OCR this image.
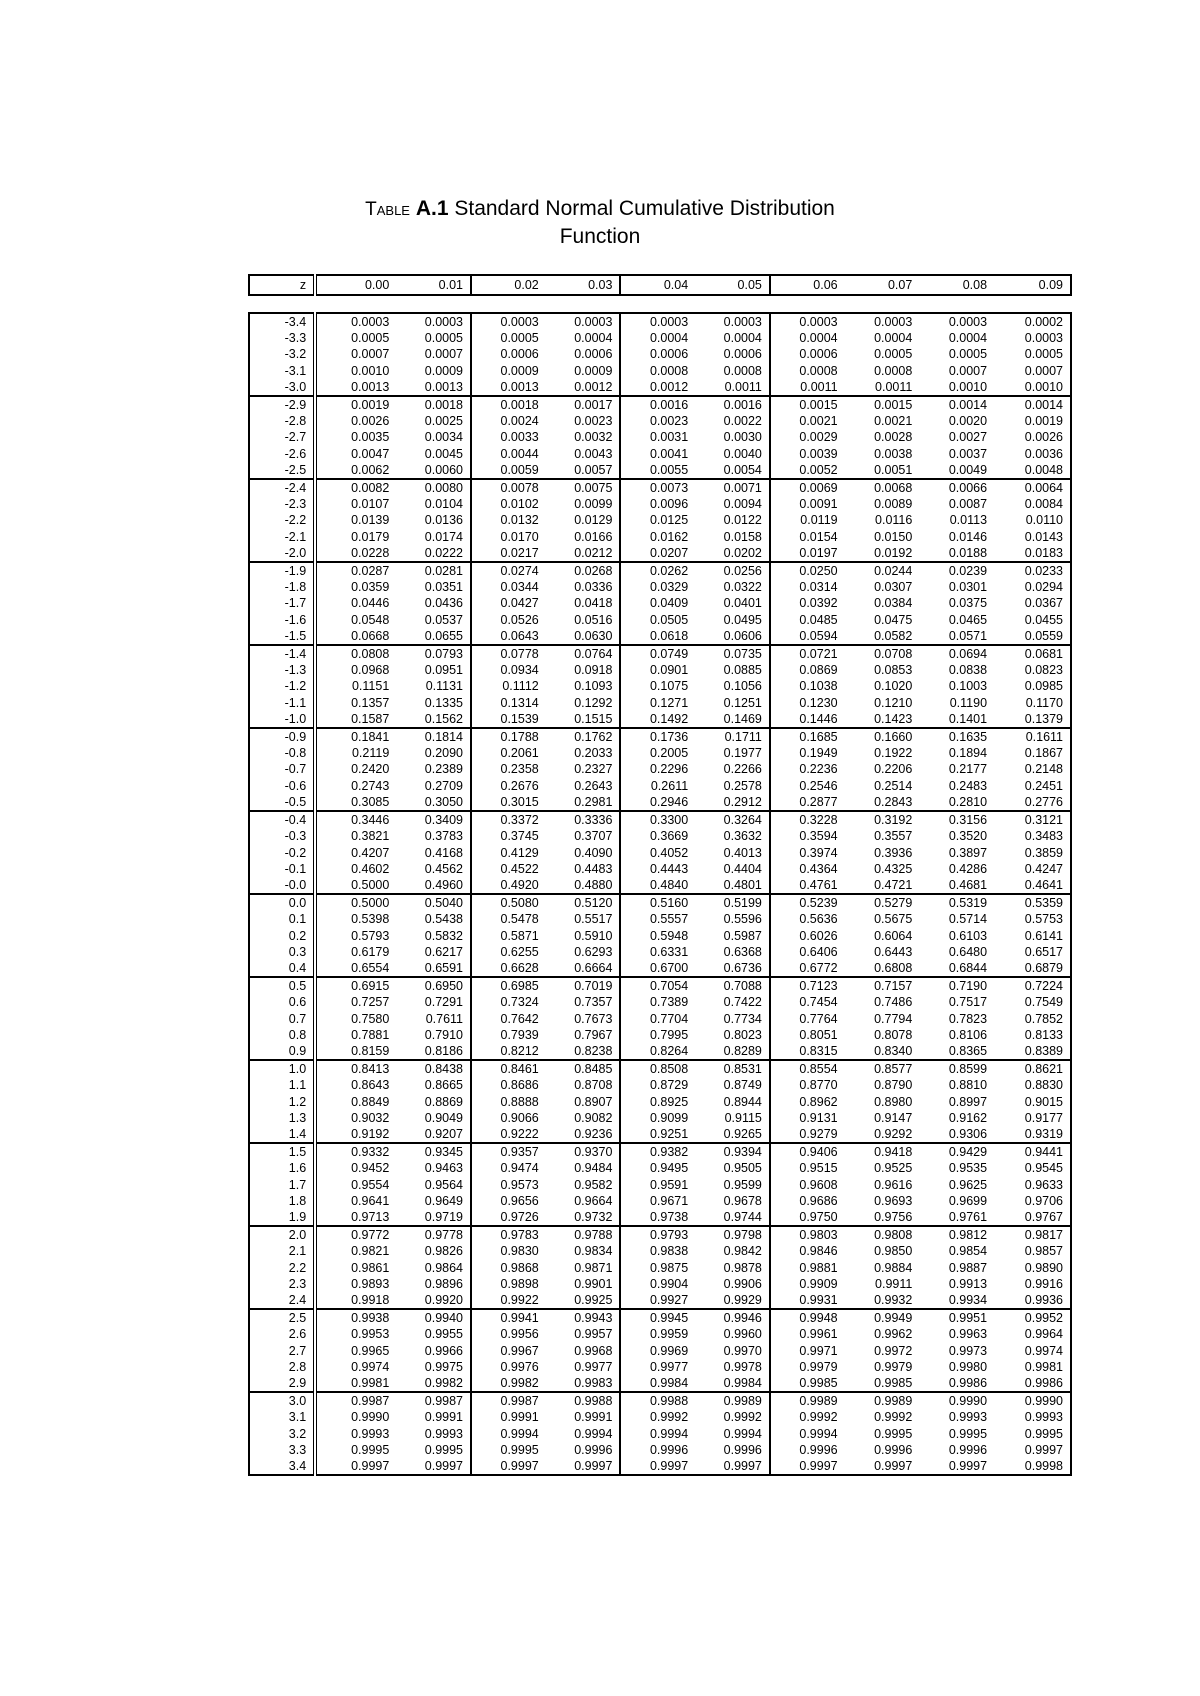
TABLE A.1 Standard Normal Cumulative Distribution
Function
z	0.00	0.01	0.02	0.03	0.04	0.05	0.06	0.07	0.08	0.09

-3.4	0.0003	0.0003	0.0003	0.0003	0.0003	0.0003	0.0003	0.0003	0.0003	0.0002
-3.3	0.0005	0.0005	0.0005	0.0004	0.0004	0.0004	0.0004	0.0004	0.0004	0.0003
-3.2	0.0007	0.0007	0.0006	0.0006	0.0006	0.0006	0.0006	0.0005	0.0005	0.0005
-3.1	0.0010	0.0009	0.0009	0.0009	0.0008	0.0008	0.0008	0.0008	0.0007	0.0007
-3.0	0.0013	0.0013	0.0013	0.0012	0.0012	0.0011	0.0011	0.0011	0.0010	0.0010
-2.9	0.0019	0.0018	0.0018	0.0017	0.0016	0.0016	0.0015	0.0015	0.0014	0.0014
-2.8	0.0026	0.0025	0.0024	0.0023	0.0023	0.0022	0.0021	0.0021	0.0020	0.0019
-2.7	0.0035	0.0034	0.0033	0.0032	0.0031	0.0030	0.0029	0.0028	0.0027	0.0026
-2.6	0.0047	0.0045	0.0044	0.0043	0.0041	0.0040	0.0039	0.0038	0.0037	0.0036
-2.5	0.0062	0.0060	0.0059	0.0057	0.0055	0.0054	0.0052	0.0051	0.0049	0.0048
-2.4	0.0082	0.0080	0.0078	0.0075	0.0073	0.0071	0.0069	0.0068	0.0066	0.0064
-2.3	0.0107	0.0104	0.0102	0.0099	0.0096	0.0094	0.0091	0.0089	0.0087	0.0084
-2.2	0.0139	0.0136	0.0132	0.0129	0.0125	0.0122	0.0119	0.0116	0.0113	0.0110
-2.1	0.0179	0.0174	0.0170	0.0166	0.0162	0.0158	0.0154	0.0150	0.0146	0.0143
-2.0	0.0228	0.0222	0.0217	0.0212	0.0207	0.0202	0.0197	0.0192	0.0188	0.0183
-1.9	0.0287	0.0281	0.0274	0.0268	0.0262	0.0256	0.0250	0.0244	0.0239	0.0233
-1.8	0.0359	0.0351	0.0344	0.0336	0.0329	0.0322	0.0314	0.0307	0.0301	0.0294
-1.7	0.0446	0.0436	0.0427	0.0418	0.0409	0.0401	0.0392	0.0384	0.0375	0.0367
-1.6	0.0548	0.0537	0.0526	0.0516	0.0505	0.0495	0.0485	0.0475	0.0465	0.0455
-1.5	0.0668	0.0655	0.0643	0.0630	0.0618	0.0606	0.0594	0.0582	0.0571	0.0559
-1.4	0.0808	0.0793	0.0778	0.0764	0.0749	0.0735	0.0721	0.0708	0.0694	0.0681
-1.3	0.0968	0.0951	0.0934	0.0918	0.0901	0.0885	0.0869	0.0853	0.0838	0.0823
-1.2	0.1151	0.1131	0.1112	0.1093	0.1075	0.1056	0.1038	0.1020	0.1003	0.0985
-1.1	0.1357	0.1335	0.1314	0.1292	0.1271	0.1251	0.1230	0.1210	0.1190	0.1170
-1.0	0.1587	0.1562	0.1539	0.1515	0.1492	0.1469	0.1446	0.1423	0.1401	0.1379
-0.9	0.1841	0.1814	0.1788	0.1762	0.1736	0.1711	0.1685	0.1660	0.1635	0.1611
-0.8	0.2119	0.2090	0.2061	0.2033	0.2005	0.1977	0.1949	0.1922	0.1894	0.1867
-0.7	0.2420	0.2389	0.2358	0.2327	0.2296	0.2266	0.2236	0.2206	0.2177	0.2148
-0.6	0.2743	0.2709	0.2676	0.2643	0.2611	0.2578	0.2546	0.2514	0.2483	0.2451
-0.5	0.3085	0.3050	0.3015	0.2981	0.2946	0.2912	0.2877	0.2843	0.2810	0.2776
-0.4	0.3446	0.3409	0.3372	0.3336	0.3300	0.3264	0.3228	0.3192	0.3156	0.3121
-0.3	0.3821	0.3783	0.3745	0.3707	0.3669	0.3632	0.3594	0.3557	0.3520	0.3483
-0.2	0.4207	0.4168	0.4129	0.4090	0.4052	0.4013	0.3974	0.3936	0.3897	0.3859
-0.1	0.4602	0.4562	0.4522	0.4483	0.4443	0.4404	0.4364	0.4325	0.4286	0.4247
-0.0	0.5000	0.4960	0.4920	0.4880	0.4840	0.4801	0.4761	0.4721	0.4681	0.4641
0.0	0.5000	0.5040	0.5080	0.5120	0.5160	0.5199	0.5239	0.5279	0.5319	0.5359
0.1	0.5398	0.5438	0.5478	0.5517	0.5557	0.5596	0.5636	0.5675	0.5714	0.5753
0.2	0.5793	0.5832	0.5871	0.5910	0.5948	0.5987	0.6026	0.6064	0.6103	0.6141
0.3	0.6179	0.6217	0.6255	0.6293	0.6331	0.6368	0.6406	0.6443	0.6480	0.6517
0.4	0.6554	0.6591	0.6628	0.6664	0.6700	0.6736	0.6772	0.6808	0.6844	0.6879
0.5	0.6915	0.6950	0.6985	0.7019	0.7054	0.7088	0.7123	0.7157	0.7190	0.7224
0.6	0.7257	0.7291	0.7324	0.7357	0.7389	0.7422	0.7454	0.7486	0.7517	0.7549
0.7	0.7580	0.7611	0.7642	0.7673	0.7704	0.7734	0.7764	0.7794	0.7823	0.7852
0.8	0.7881	0.7910	0.7939	0.7967	0.7995	0.8023	0.8051	0.8078	0.8106	0.8133
0.9	0.8159	0.8186	0.8212	0.8238	0.8264	0.8289	0.8315	0.8340	0.8365	0.8389
1.0	0.8413	0.8438	0.8461	0.8485	0.8508	0.8531	0.8554	0.8577	0.8599	0.8621
1.1	0.8643	0.8665	0.8686	0.8708	0.8729	0.8749	0.8770	0.8790	0.8810	0.8830
1.2	0.8849	0.8869	0.8888	0.8907	0.8925	0.8944	0.8962	0.8980	0.8997	0.9015
1.3	0.9032	0.9049	0.9066	0.9082	0.9099	0.9115	0.9131	0.9147	0.9162	0.9177
1.4	0.9192	0.9207	0.9222	0.9236	0.9251	0.9265	0.9279	0.9292	0.9306	0.9319
1.5	0.9332	0.9345	0.9357	0.9370	0.9382	0.9394	0.9406	0.9418	0.9429	0.9441
1.6	0.9452	0.9463	0.9474	0.9484	0.9495	0.9505	0.9515	0.9525	0.9535	0.9545
1.7	0.9554	0.9564	0.9573	0.9582	0.9591	0.9599	0.9608	0.9616	0.9625	0.9633
1.8	0.9641	0.9649	0.9656	0.9664	0.9671	0.9678	0.9686	0.9693	0.9699	0.9706
1.9	0.9713	0.9719	0.9726	0.9732	0.9738	0.9744	0.9750	0.9756	0.9761	0.9767
2.0	0.9772	0.9778	0.9783	0.9788	0.9793	0.9798	0.9803	0.9808	0.9812	0.9817
2.1	0.9821	0.9826	0.9830	0.9834	0.9838	0.9842	0.9846	0.9850	0.9854	0.9857
2.2	0.9861	0.9864	0.9868	0.9871	0.9875	0.9878	0.9881	0.9884	0.9887	0.9890
2.3	0.9893	0.9896	0.9898	0.9901	0.9904	0.9906	0.9909	0.9911	0.9913	0.9916
2.4	0.9918	0.9920	0.9922	0.9925	0.9927	0.9929	0.9931	0.9932	0.9934	0.9936
2.5	0.9938	0.9940	0.9941	0.9943	0.9945	0.9946	0.9948	0.9949	0.9951	0.9952
2.6	0.9953	0.9955	0.9956	0.9957	0.9959	0.9960	0.9961	0.9962	0.9963	0.9964
2.7	0.9965	0.9966	0.9967	0.9968	0.9969	0.9970	0.9971	0.9972	0.9973	0.9974
2.8	0.9974	0.9975	0.9976	0.9977	0.9977	0.9978	0.9979	0.9979	0.9980	0.9981
2.9	0.9981	0.9982	0.9982	0.9983	0.9984	0.9984	0.9985	0.9985	0.9986	0.9986
3.0	0.9987	0.9987	0.9987	0.9988	0.9988	0.9989	0.9989	0.9989	0.9990	0.9990
3.1	0.9990	0.9991	0.9991	0.9991	0.9992	0.9992	0.9992	0.9992	0.9993	0.9993
3.2	0.9993	0.9993	0.9994	0.9994	0.9994	0.9994	0.9994	0.9995	0.9995	0.9995
3.3	0.9995	0.9995	0.9995	0.9996	0.9996	0.9996	0.9996	0.9996	0.9996	0.9997
3.4	0.9997	0.9997	0.9997	0.9997	0.9997	0.9997	0.9997	0.9997	0.9997	0.9998
